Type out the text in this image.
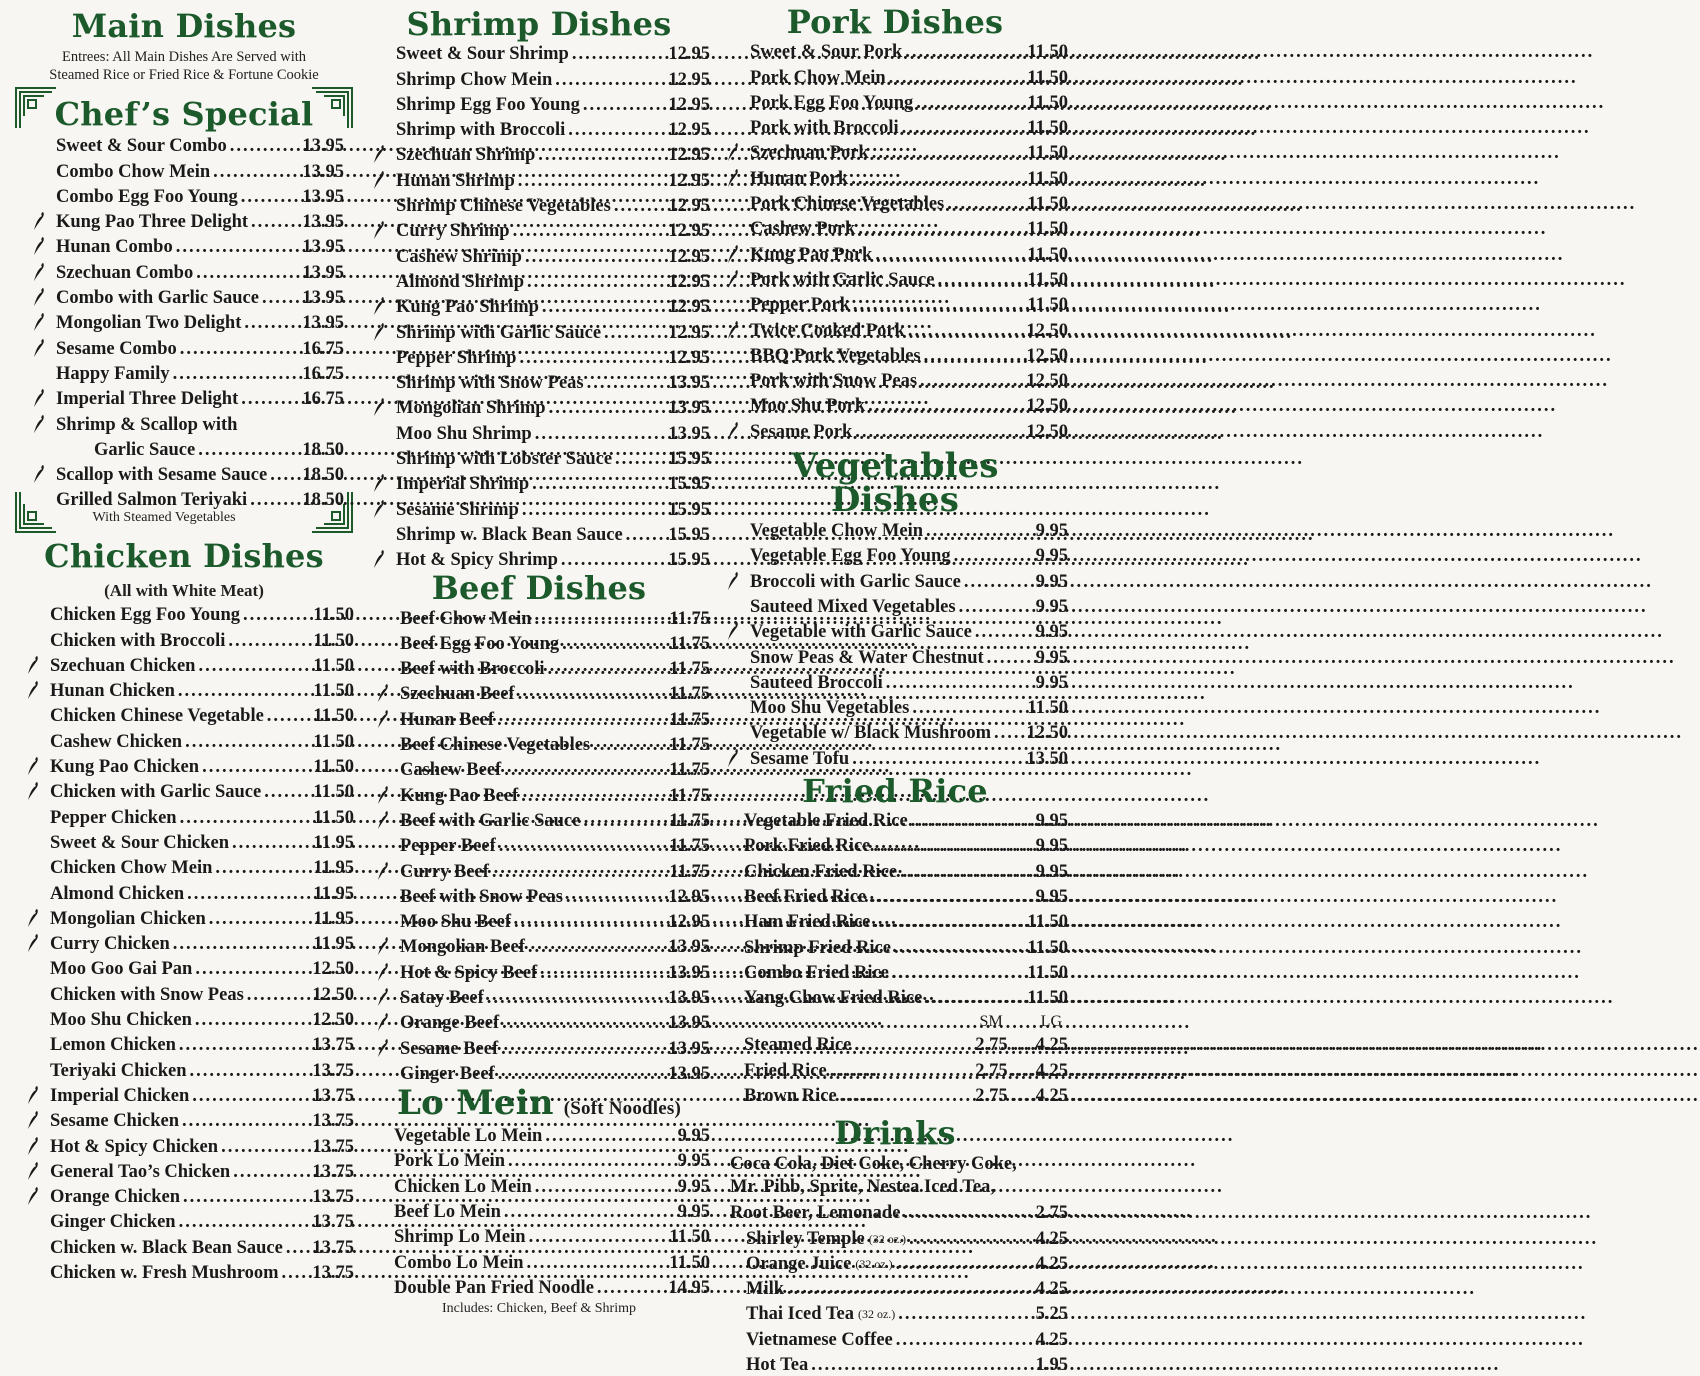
Main Dishes
Entrees: All Main Dishes Are Served with
Steamed Rice or Fried Rice & Fortune Cookie
Chef’s Special
Sweet & Sour Combo .....	13.95
Combo Chow Mein .....	13.95
Combo Egg Foo Young .....	13.95
Kung Pao Three Delight .....	13.95
Hunan Combo .....	13.95
Szechuan Combo .....	13.95
Combo with Garlic Sauce ..... 13.95
Mongolian Two Delight .....	13.95
Sesame Combo .....	16.75
Happy Family .....	16.75
Imperial Three Delight .....	16.75
Shrimp & Scallop with
Garlic Sauce .....	18.50
Scallop with Sesame Sauce ..... 18.50
Grilled Salmon Teriyaki .....	18.50
With Steamed Vegetables
Chicken Dishes
(All with White Meat)
Chicken Egg Foo Young .....	11.50
Chicken with Broccoli .....	11.50
Szechuan Chicken .....	11.50
Hunan Chicken .....	11.50
Chicken Chinese Vegetable .....	11.50
Cashew Chicken .....	11.50
Kung Pao Chicken .....	11.50
Chicken with Garlic Sauce .....	11.50
Pepper Chicken .....	11.50
Sweet & Sour Chicken .....	11.95
Chicken Chow Mein .....	11.95
Almond Chicken .....	11.95
Mongolian Chicken .....	11.95
Curry Chicken .....	11.95
Moo Goo Gai Pan .....	12.50
Chicken with Snow Peas .....	12.50
Moo Shu Chicken .....	12.50
Lemon Chicken .....	13.75
Teriyaki Chicken .....	13.75
Imperial Chicken .....	13.75
Sesame Chicken .....	13.75
Hot & Spicy Chicken .....	13.75
General Tao’s Chicken .....	13.75
Orange Chicken .....	13.75
Ginger Chicken .....	13.75
Chicken w. Black Bean Sauce ..... 13.75
Chicken w. Fresh Mushroom ..... 13.75
Shrimp Dishes
Sweet & Sour Shrimp .....	12.95
Shrimp Chow Mein .....	12.95
Shrimp Egg Foo Young .....	12.95
Shrimp with Broccoli .....	12.95
Szechuan Shrimp .....	12.95
Hunan Shrimp .....	12.95
Shrimp Chinese Vegetables .....	12.95
Curry Shrimp .....	12.95
Cashew Shrimp .....	12.95
Almond Shrimp .....	12.95
Kung Pao Shrimp .....	12.95
Shrimp with Garlic Sauce .....	12.95
Pepper Shrimp .....	12.95
Shrimp with Snow Peas .....	13.95
Mongolian Shrimp .....	13.95
Moo Shu Shrimp .....	13.95
Shrimp with Lobster Sauce .....	15.95
Imperial Shrimp .....	15.95
Sesame Shrimp .....	15.95
Shrimp w. Black Bean Sauce ..... 15.95
Hot & Spicy Shrimp .....	15.95
Beef Dishes
Beef Chow Mein .....	11.75
Beef Egg Foo Young .....	11.75
Beef with Broccoli .....	11.75
Szechuan Beef .....	11.75
Hunan Beef .....	11.75
Beef Chinese Vegetables .....	11.75
Cashew Beef .....	11.75
Kung Pao Beef .....	11.75
Beef with Garlic Sauce .....	11.75
Pepper Beef .....	11.75
Curry Beef .....	11.75
Beef with Snow Peas .....	12.95
Moo Shu Beef .....	12.95
Mongolian Beef .....	13.95
Hot & Spicy Beef .....	13.95
Satay Beef .....	13.95
Orange Beef .....	13.95
Sesame Beef .....	13.95
Ginger Beef .....	13.95
Lo Mein (Soft Noodles)
Vegetable Lo Mein .....	9.95
Pork Lo Mein .....	9.95
Chicken Lo Mein .....	9.95
Beef Lo Mein .....	9.95
Shrimp Lo Mein .....	11.50
Combo Lo Mein .....	11.50
Double Pan Fried Noodle .....	14.95
Includes: Chicken, Beef & Shrimp
Pork Dishes
Sweet & Sour Pork .....	11.50
Pork Chow Mein .....	11.50
Pork Egg Foo Young .....	11.50
Pork with Broccoli .....	11.50
Szechuan Pork .....	11.50
Hunan Pork .....	11.50
Pork Chinese Vegetables .....	11.50
Cashew Pork .....	11.50
Kung Pao Pork .....	11.50
Pork with Garlic Sauce .....	11.50
Pepper Pork .....	11.50
Twice Cooked Pork .....	12.50
BBQ Pork Vegetables .....	12.50
Pork with Snow Peas .....	12.50
Moo Shu Pork .....	12.50
Sesame Pork .....	12.50
Vegetables Dishes
Vegetable Chow Mein .....	9.95
Vegetable Egg Foo Young .....	9.95
Broccoli with Garlic Sauce .....	9.95
Sauteed Mixed Vegetables .....	9.95
Vegetable with Garlic Sauce .....	9.95
Snow Peas & Water Chestnut .....	9.95
Sauteed Broccoli .....	9.95
Moo Shu Vegetables .....	11.50
Vegetable w/ Black Mushroom ..... 12.50
Sesame Tofu .....	13.50
Fried Rice
Vegetable Fried Rice .....	9.95
Pork Fried Rice .....	9.95
Chicken Fried Rice .....	9.95
Beef Fried Rice .....	9.95
Ham Fried Rice .....	11.50
Shrimp Fried Rice .....	11.50
Combo Fried Rice .....	11.50
Yang Chow Fried Rice .....	11.50
SM LG
Steamed Rice .....	2.75 ..... 4.25
Fried Rice .....	2.75 ..... 4.25
Brown Rice .....	2.75 ..... 4.25
Drinks
Coca Cola, Diet Coke, Cherry Coke,
Mr. Pibb, Sprite, Nestea Iced Tea,
Root Beer, Lemonade .....	2.75
Shirley Temple (32 oz.) .....	4.25
Orange Juice (32 oz.) .....	4.25
Milk .....	4.25
Thai Iced Tea (32 oz.) .....	5.25
Vietnamese Coffee .....	4.25
Hot Tea .....	1.95
